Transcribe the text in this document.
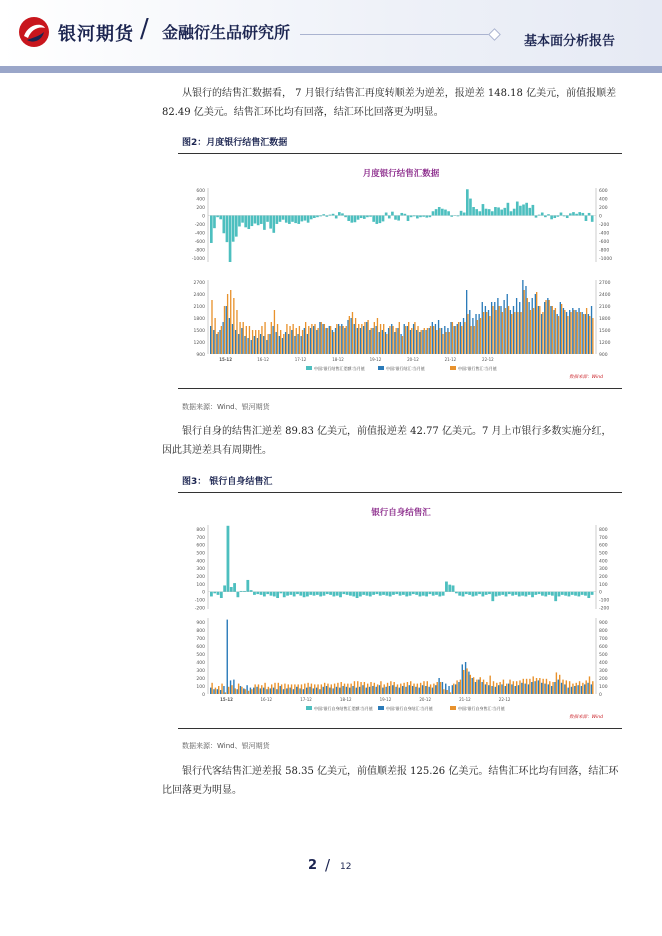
银河期货 / 金融衍生品研究所	基本面分析报告

从银行的结售汇数据看， 7 月银行结售汇再度转顺差为逆差，报逆差 148.18 亿美元，前值报顺差 82.49 亿美元。结售汇环比均有回落，结汇环比回落更为明显。

图2：月度银行结售汇数据
月度银行结售汇数据
600	600
400	400
200	200
0	0
-200	-200
-400	-400
-600	-600
-800	-800
-1000	-1000
2700	2700
2400	2400
2100	2100
1800	1800
1500	1500
1200	1200
900	900
15-12	16-12	17-12	18-12	19-12	20-12	21-12	22-12
中国:银行结售汇差额:当月值	中国:银行结汇:当月值	中国:银行售汇:当月值
数据来源：Wind
数据来源：Wind、银河期货

银行自身的结售汇逆差 89.83 亿美元，前值报逆差 42.77 亿美元。7 月上市银行多数实施分红，因此其逆差具有周期性。

图3： 银行自身结售汇
银行自身结售汇
800	800
700	700
600	600
500	500
400	400
300	300
200	200
100	100
0	0
-100	-100
-200	-200
900	900
800	800
700	700
600	600
500	500
400	400
300	300
200	200
100	100
0	0
15-12	16-12	17-12	18-12	19-12	20-12	21-12	22-12
中国:银行自身结售汇差额:当月值	中国:银行自身结汇:当月值	中国:银行自身售汇:当月值
数据来源：Wind
数据来源：Wind、银河期货

银行代客结售汇逆差报 58.35 亿美元，前值顺差报 125.26 亿美元。结售汇环比均有回落，结汇环比回落更为明显。

2 / 12
